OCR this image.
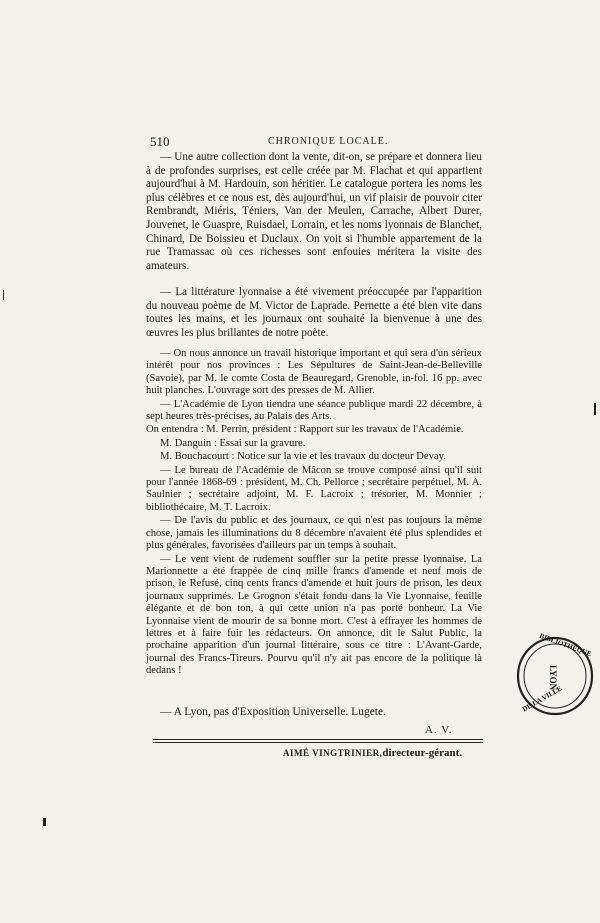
510	CHRONIQUE LOCALE.

— Une autre collection dont la vente, dit-on, se prépare et donnera lieu à de profondes surprises, est celle créée par M. Flachat et qui appartient aujourd'hui à M. Hardouin, son héritier. Le catalogue portera les noms les plus célèbres et ce nous est, dès aujourd'hui, un vif plaisir de pouvoir citer Rembrandt, Miéris, Téniers, Van der Meulen, Carrache, Albert Durer, Jouvenet, le Guaspre, Ruisdael, Lorrain, et les noms lyonnais de Blanchet, Chinard, De Boissieu et Duclaux. On voit si l'humble appartement de la rue Tramassac où ces richesses sont enfouies méritera la visite des amateurs.

— La littérature lyonnaise a été vivement préoccupée par l'apparition du nouveau poème de M. Victor de Laprade. Pernette a été bien vite dans toutes les mains, et les journaux ont souhaité la bienvenue à une des œuvres les plus brillantes de notre poète.

— On nous annonce un travail historique important et qui sera d'un sérieux intérêt pour nos provinces : Les Sépultures de Saint-Jean-de-Belleville (Savoie), par M. le comte Costa de Beauregard, Grenoble, in-fol. 16 pp. avec huit planches. L'ouvrage sort des presses de M. Allier.

— L'Académie de Lyon tiendra une séance publique mardi 22 décembre, à sept heures très-précises, au Palais des Arts.

On entendra : M. Perrin, président : Rapport sur les travaux de l'Académie.

M. Danguin : Essai sur la gravure.

M. Bouchacourt : Notice sur la vie et les travaux du docteur Devay.

— Le bureau de l'Académie de Mâcon se trouve composé ainsi qu'il suit pour l'année 1868-69 : président, M. Ch. Pellorce ; secrétaire perpétuel, M. A. Saulnier ; secrétaire adjoint, M. F. Lacroix ; trésorier, M. Monnier ; bibliothécaire, M. T. Lacroix.

— De l'avis du public et des journaux, ce qui n'est pas toujours la même chose, jamais les illuminations du 8 décembre n'avaient été plus splendides et plus générales, favorisées d'ailleurs par un temps à souhait.

— Le vent vient de rudement souffler sur la petite presse lyonnaise. La Marionnette a été frappée de cinq mille francs d'amende et neuf mois de prison, le Refusé, cinq cents francs d'amende et huit jours de prison, les deux journaux supprimés. Le Grognon s'était fondu dans la Vie Lyonnaise, feuille élégante et de bon ton, à qui cette union n'a pas porté bonheur. La Vie Lyonnaise vient de mourir de sa bonne mort. C'est à effrayer les hommes de lettres et à faire fuir les rédacteurs. On annonce, dit le Salut Public, la prochaine apparition d'un journal littéraire, sous ce titre : L'Avant-Garde, journal des Francs-Tireurs. Pourvu qu'il n'y ait pas encore de la politique là dedans !

— A Lyon, pas d'Exposition Universelle. Lugete.
A. V.
AIMÉ VINGTRINIER,directeur-gérant.
BIBLIOTHÈQUE
DE LA VILLE
LYON
